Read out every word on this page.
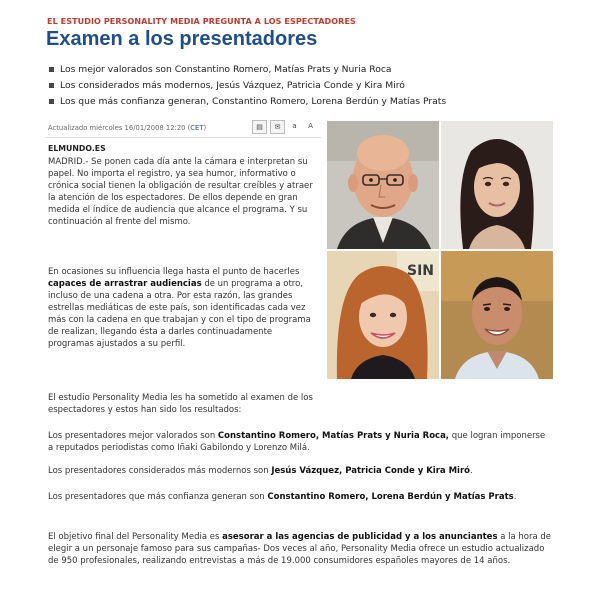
EL ESTUDIO PERSONALITY MEDIA PREGUNTA A LOS ESPECTADORES
Examen a los presentadores
Los mejor valorados son Constantino Romero, Matías Prats y Nuria Roca
Los considerados más modernos, Jesús Vázquez, Patricia Conde y Kira Miró
Los que más confianza generan, Constantino Romero, Lorena Berdún y Matías Prats
Actualizado miércoles 16/01/2008 12:20 (CET)	▤	✉	a	A
ELMUNDO.ES

MADRID.- Se ponen cada día ante la cámara e interpretan su papel. No importa el registro, ya sea humor, informativo o crónica social tienen la obligación de resultar creíbles y atraer la atención de los espectadores. De ellos depende en gran medida el índice de audiencia que alcance el programa. Y su continuación al frente del mismo.

En ocasiones su influencia llega hasta el punto de hacerles capaces de arrastrar audiencias de un programa a otro, incluso de una cadena a otra. Por esta razón, las grandes estrellas mediáticas de este país, son identificadas cada vez más con la cadena en que trabajan y con el tipo de programa de realizan, llegando ésta a darles continuadamente programas ajustados a su perfil.

El estudio Personality Media les ha sometido al examen de los espectadores y estos han sido los resultados:

Los presentadores mejor valorados son Constantino Romero, Matías Prats y Nuria Roca, que logran imponerse a reputados periodistas como Iñaki Gabilondo y Lorenzo Milá.

Los presentadores considerados más modernos son Jesús Vázquez, Patricia Conde y Kira Miró.

Los presentadores que más confianza generan son Constantino Romero, Lorena Berdún y Matías Prats.

El objetivo final del Personality Media es asesorar a las agencias de publicidad y a los anunciantes a la hora de elegir a un personaje famoso para sus campañas- Dos veces al año, Personality Media ofrece un estudio actualizado de 950 profesionales, realizando entrevistas a más de 19.000 consumidores españoles mayores de 14 años.

SIN
